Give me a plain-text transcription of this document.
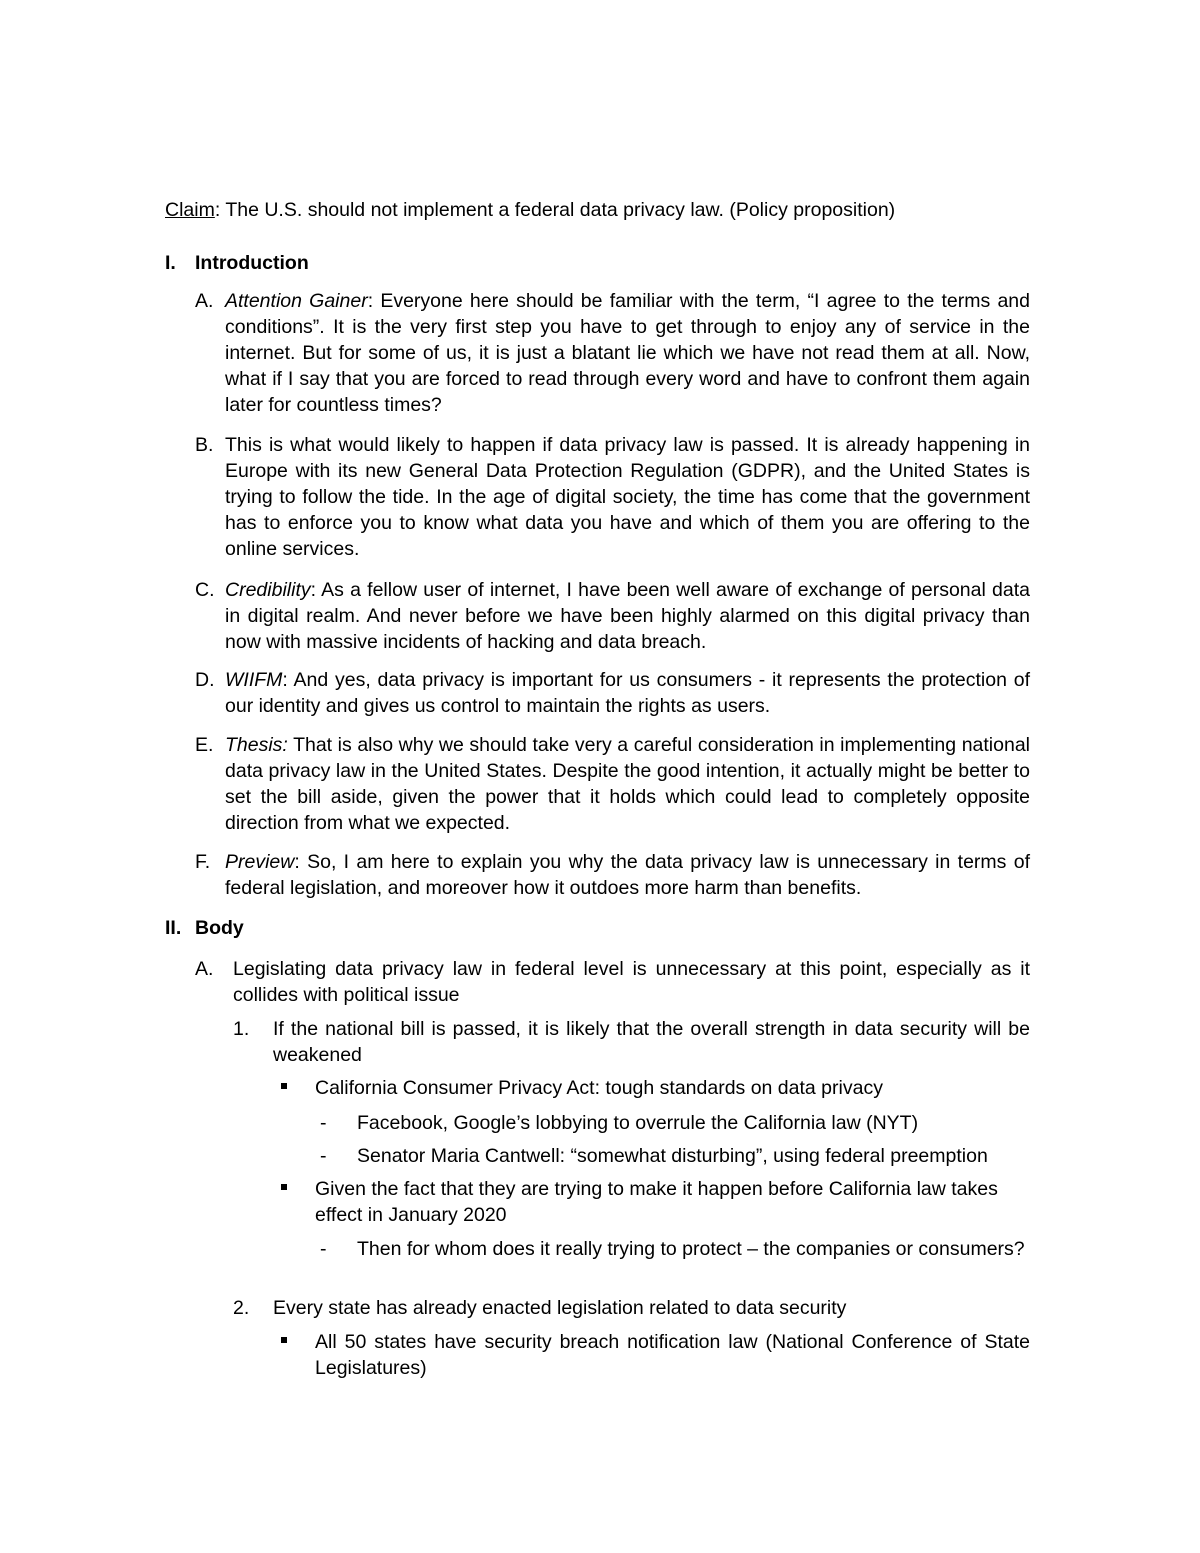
Claim: The U.S. should not implement a federal data privacy law. (Policy proposition)

I. Introduction
A. Attention Gainer: Everyone here should be familiar with the term, “I agree to the terms and conditions”. It is the very first step you have to get through to enjoy any of service in the internet. But for some of us, it is just a blatant lie which we have not read them at all. Now, what if I say that you are forced to read through every word and have to confront them again later for countless times?

B. This is what would likely to happen if data privacy law is passed. It is already happening in Europe with its new General Data Protection Regulation (GDPR), and the United States is trying to follow the tide. In the age of digital society, the time has come that the government has to enforce you to know what data you have and which of them you are offering to the online services.

C. Credibility: As a fellow user of internet, I have been well aware of exchange of personal data in digital realm. And never before we have been highly alarmed on this digital privacy than now with massive incidents of hacking and data breach.

D. WIIFM: And yes, data privacy is important for us consumers - it represents the protection of our identity and gives us control to maintain the rights as users.

E. Thesis: That is also why we should take very a careful consideration in implementing national data privacy law in the United States. Despite the good intention, it actually might be better to set the bill aside, given the power that it holds which could lead to completely opposite direction from what we expected.

F. Preview: So, I am here to explain you why the data privacy law is unnecessary in terms of federal legislation, and moreover how it outdoes more harm than benefits.

II. Body
A. Legislating data privacy law in federal level is unnecessary at this point, especially as it collides with political issue

1. If the national bill is passed, it is likely that the overall strength in data security will be weakened

California Consumer Privacy Act: tough standards on data privacy

- Facebook, Google’s lobbying to overrule the California law (NYT)

- Senator Maria Cantwell: “somewhat disturbing”, using federal preemption

Given the fact that they are trying to make it happen before California law takes effect in January 2020

- Then for whom does it really trying to protect – the companies or consumers?

2. Every state has already enacted legislation related to data security

All 50 states have security breach notification law (National Conference of State Legislatures)
